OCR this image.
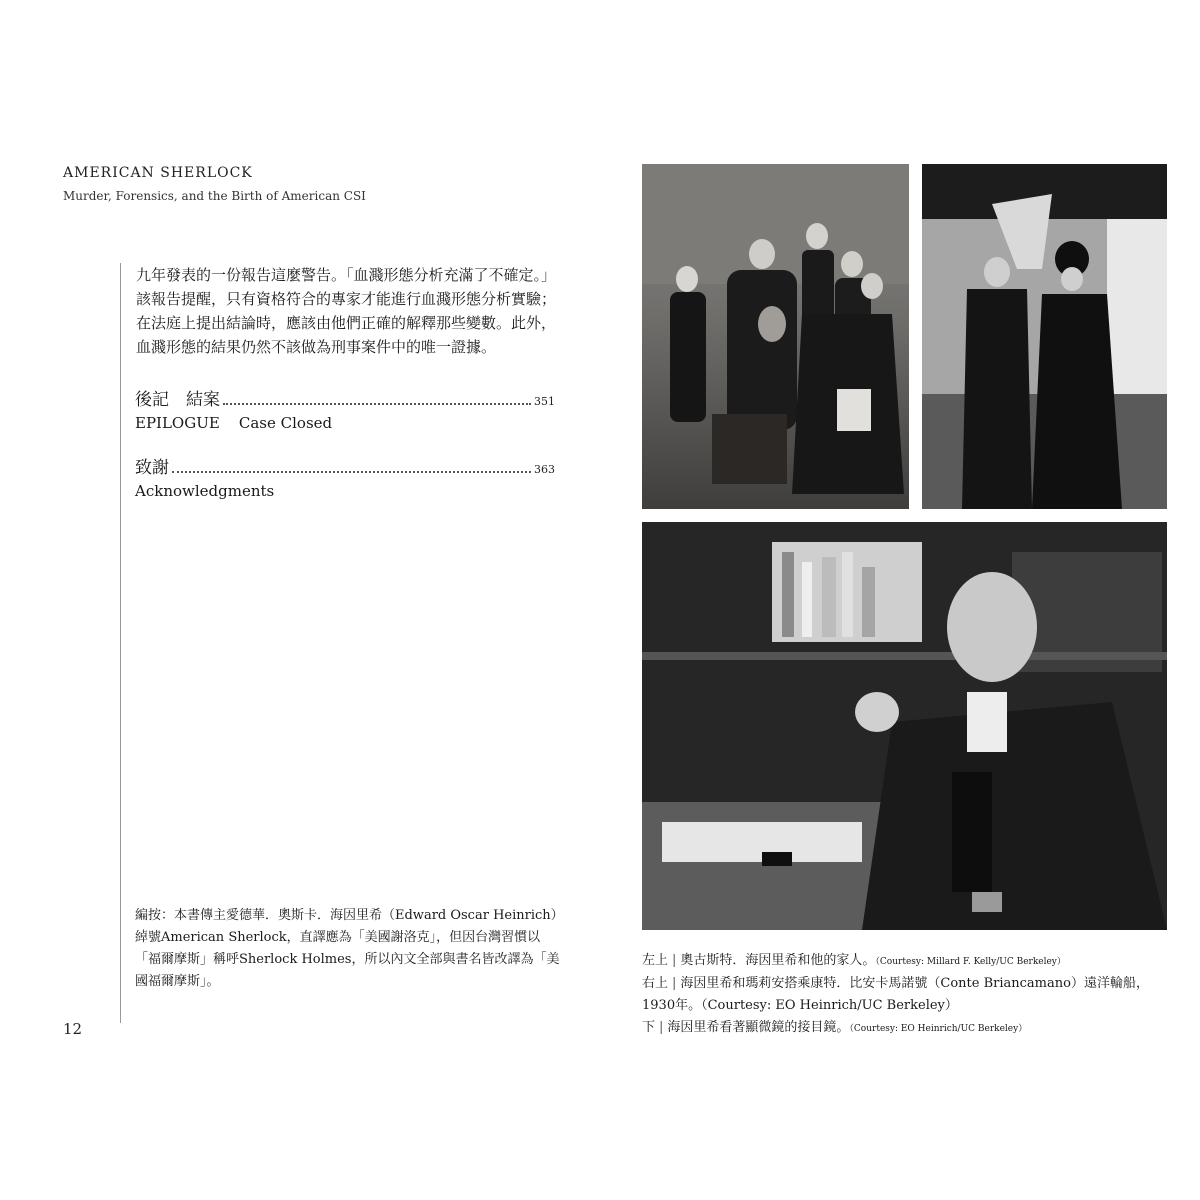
AMERICAN SHERLOCK
Murder, Forensics, and the Birth of American CSI

九年發表的一份報告這麼警告。「血濺形態分析充滿了不確定。」該報告提醒，只有資格符合的專家才能進行血濺形態分析實驗；在法庭上提出結論時，應該由他們正確的解釋那些變數。此外，血濺形態的結果仍然不該做為刑事案件中的唯一證據。

後記　結案	351
EPILOGUE    Case Closed
致謝	363
Acknowledgments

編按：本書傳主愛德華．奧斯卡．海因里希（Edward Oscar Heinrich）綽號American Sherlock，直譯應為「美國謝洛克」，但因台灣習慣以「福爾摩斯」稱呼Sherlock Holmes，所以內文全部與書名皆改譯為「美國福爾摩斯」。

12

左上 | 奧古斯特．海因里希和他的家人。（Courtesy: Millard F. Kelly/UC Berkeley）

右上 | 海因里希和瑪莉安搭乘康特．比安卡馬諾號（Conte Briancamano）遠洋輪船，1930年。（Courtesy: EO Heinrich/UC Berkeley）

下 | 海因里希看著顯微鏡的接目鏡。（Courtesy: EO Heinrich/UC Berkeley）
